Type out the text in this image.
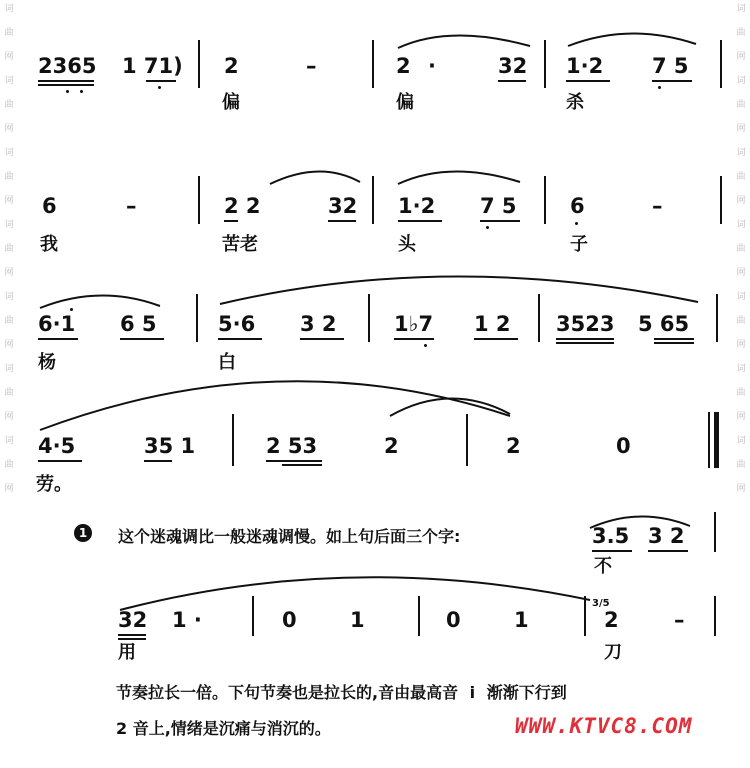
词
曲
网
词
曲
网
词
曲
网
词
曲
网
词
曲
网
词
曲
网
词
曲
网
词
曲
网
词
曲
网
词
曲
网
词
曲
网
词
曲
网
词
曲
网
词
曲
网
2365 1 71) 2	–	2 ·	32 1·2 7 5
偏	偏	杀
6	–	2 2	32 1·2 7 5	6	–
我	苦老	头	子
6·1 6 5	5·6 3 2	1♭7 1 2 3523 5 65
杨	白
4·5	35 1	2 53	2	2	0
劳。
1	这个迷魂调比一般迷魂调慢。如上句后面三个字:	3.5 3 2
不
32 1 ·	0	1	0	1
3/5
2	–
用	刀
节奏拉长一倍。下句节奏也是拉长的,音由最高音 i 渐渐下行到
2 音上,情绪是沉痛与消沉的。	WWW.KTVC8.COM
